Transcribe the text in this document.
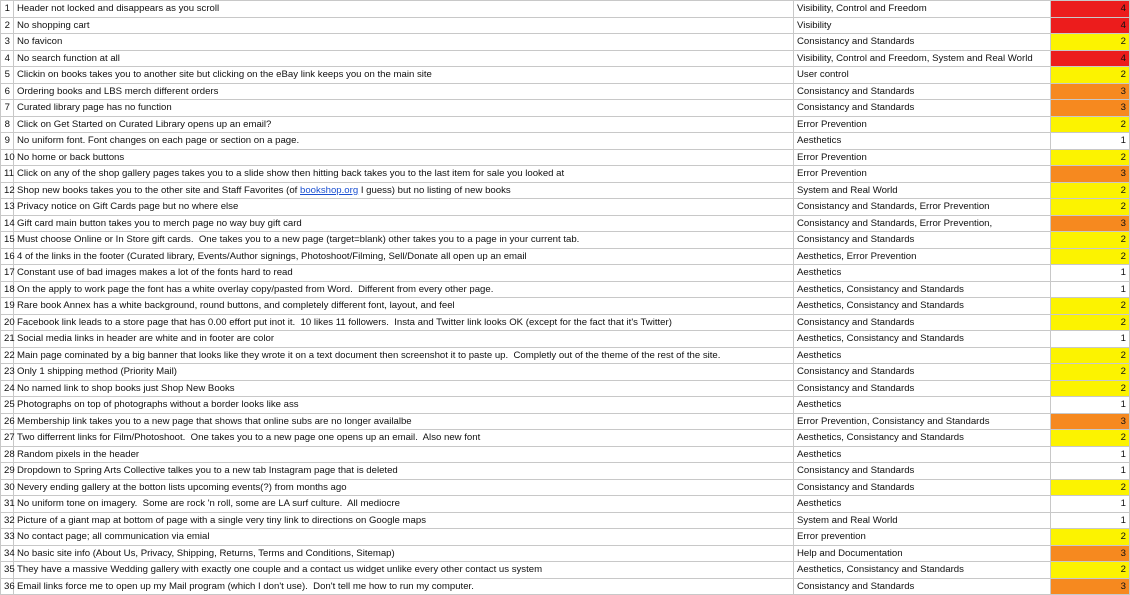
1	Header not locked and disappears as you scroll	Visibility, Control and Freedom	4
2	No shopping cart	Visibility	4
3	No favicon	Consistancy and Standards	2
4	No search function at all	Visibility, Control and Freedom, System and Real World	4
5	Clickin on books takes you to another site but clicking on the eBay link keeps you on the main site	User control	2
6	Ordering books and LBS merch different orders	Consistancy and Standards	3
7	Curated library page has no function	Consistancy and Standards	3
8	Click on Get Started on Curated Library opens up an email?	Error Prevention	2
9	No uniform font. Font changes on each page or section on a page.	Aesthetics	1
10	No home or back buttons	Error Prevention	2
11	Click on any of the shop gallery pages takes you to a slide show then hitting back takes you to the last item for sale you looked at	Error Prevention	3
12	Shop new books takes you to the other site and Staff Favorites (of bookshop.org I guess) but no listing of new books	System and Real World	2
13	Privacy notice on Gift Cards page but no where else	Consistancy and Standards, Error Prevention	2
14	Gift card main button takes you to merch page no way buy gift card	Consistancy and Standards, Error Prevention,	3
15	Must choose Online or In Store gift cards.  One takes you to a new page (target=blank) other takes you to a page in your current tab.	Consistancy and Standards	2
16	4 of the links in the footer (Curated library, Events/Author signings, Photoshoot/Filming, Sell/Donate all open up an email	Aesthetics, Error Prevention	2
17	Constant use of bad images makes a lot of the fonts hard to read	Aesthetics	1
18	On the apply to work page the font has a white overlay copy/pasted from Word.  Different from every other page.	Aesthetics, Consistancy and Standards	1
19	Rare book Annex has a white background, round buttons, and completely different font, layout, and feel	Aesthetics, Consistancy and Standards	2
20	Facebook link leads to a store page that has 0.00 effort put inot it.  10 likes 11 followers.  Insta and Twitter link looks OK (except for the fact that it's Twitter)	Consistancy and Standards	2
21	Social media links in header are white and in footer are color	Aesthetics, Consistancy and Standards	1
22	Main page cominated by a big banner that looks like they wrote it on a text document then screenshot it to paste up.  Completly out of the theme of the rest of the site.	Aesthetics	2
23	Only 1 shipping method (Priority Mail)	Consistancy and Standards	2
24	No named link to shop books just Shop New Books	Consistancy and Standards	2
25	Photographs on top of photographs without a border looks like ass	Aesthetics	1
26	Membership link takes you to a new page that shows that online subs are no longer availalbe	Error Prevention, Consistancy and Standards	3
27	Two differrent links for Film/Photoshoot.  One takes you to a new page one opens up an email.  Also new font	Aesthetics, Consistancy and Standards	2
28	Random pixels in the header	Aesthetics	1
29	Dropdown to Spring Arts Collective talkes you to a new tab Instagram page that is deleted	Consistancy and Standards	1
30	Nevery ending gallery at the botton lists upcoming events(?) from months ago	Consistancy and Standards	2
31	No uniform tone on imagery.  Some are rock 'n roll, some are LA surf culture.  All mediocre	Aesthetics	1
32	Picture of a giant map at bottom of page with a single very tiny link to directions on Google maps	System and Real World	1
33	No contact page; all communication via emial	Error prevention	2
34	No basic site info (About Us, Privacy, Shipping, Returns, Terms and Conditions, Sitemap)	Help and Documentation	3
35	They have a massive Wedding gallery with exactly one couple and a contact us widget unlike every other contact us system	Aesthetics, Consistancy and Standards	2
36	Email links force me to open up my Mail program (which I don't use).  Don't tell me how to run my computer.	Consistancy and Standards	3
